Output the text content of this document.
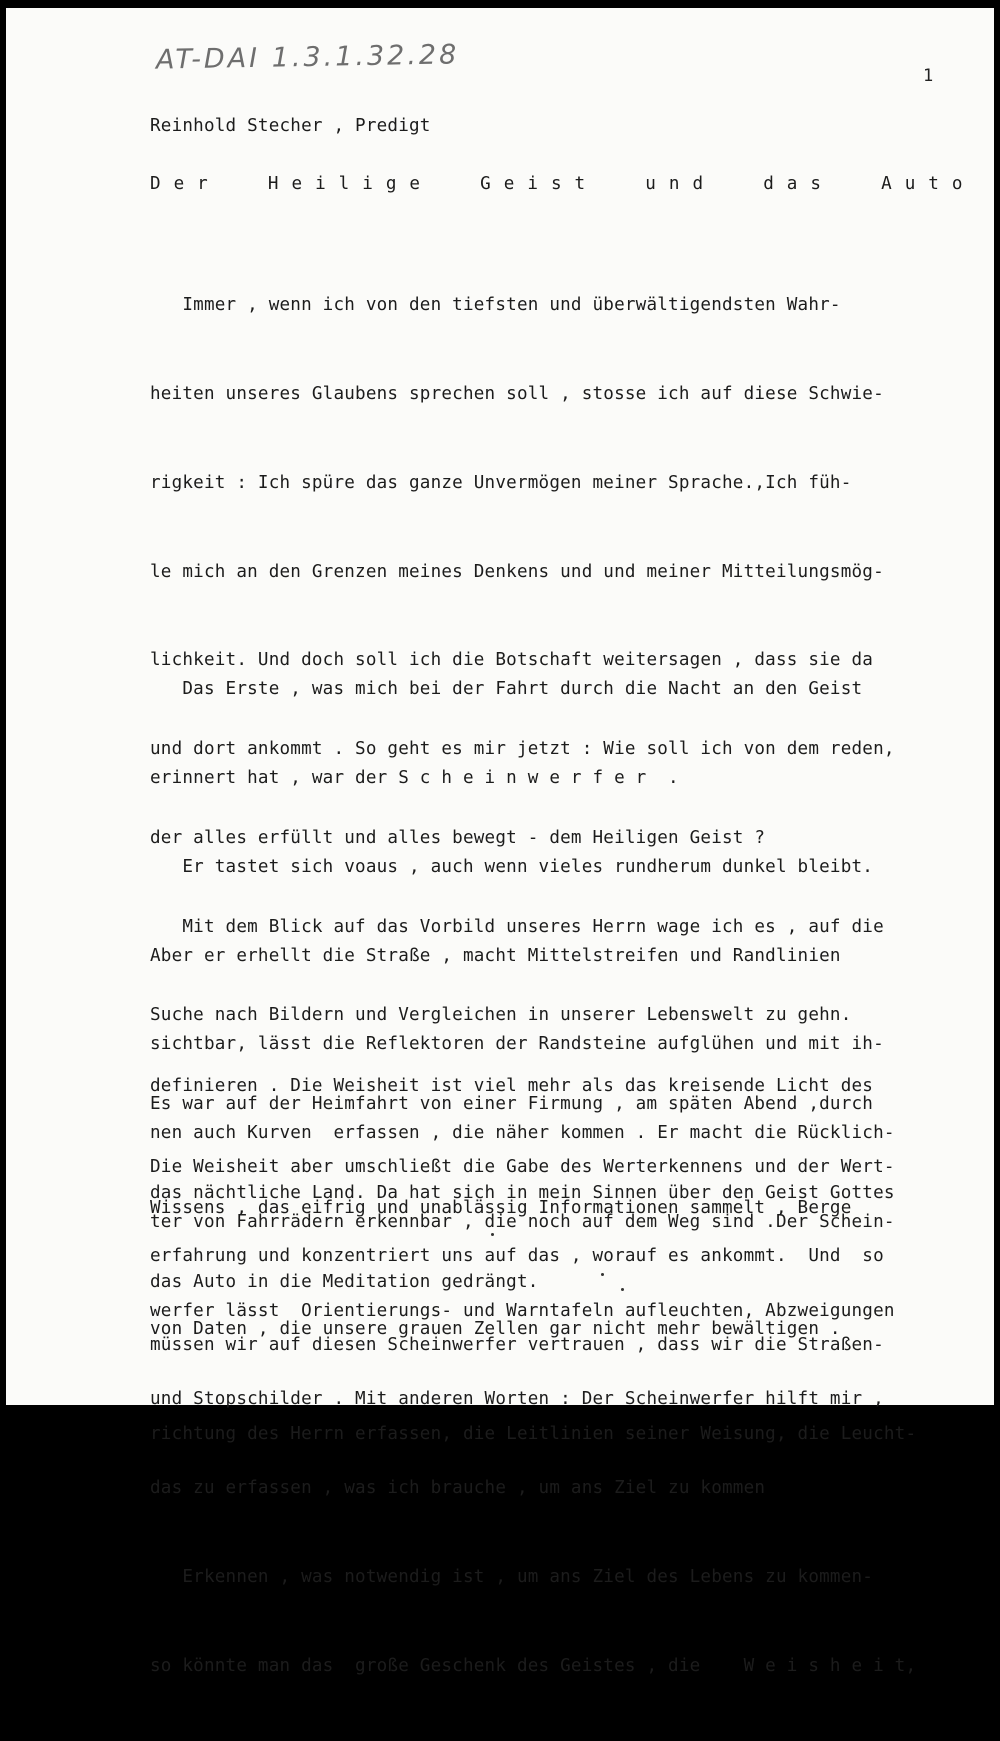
AT-DAI 1.3.1.32.28
1
Reinhold Stecher , Predigt
D e r     H e i l i g e     G e i s t     u n d     d a s     A u t o

Immer , wenn ich von den tiefsten und überwältigendsten Wahr-

heiten unseres Glaubens sprechen soll , stosse ich auf diese Schwie-

rigkeit : Ich spüre das ganze Unvermögen meiner Sprache.,Ich füh-

le mich an den Grenzen meines Denkens und und meiner Mitteilungsmög-

lichkeit. Und doch soll ich die Botschaft weitersagen , dass sie da

und dort ankommt . So geht es mir jetzt : Wie soll ich von dem reden,

der alles erfüllt und alles bewegt - dem Heiligen Geist ?

Mit dem Blick auf das Vorbild unseres Herrn wage ich es , auf die

Suche nach Bildern und Vergleichen in unserer Lebenswelt zu gehn.

Es war auf der Heimfahrt von einer Firmung , am späten Abend ,durch

das nächtliche Land. Da hat sich in mein Sinnen über den Geist Gottes

das Auto in die Meditation gedrängt.

Das Erste , was mich bei der Fahrt durch die Nacht an den Geist

erinnert hat , war der S c h e i n w e r f e r  .

Er tastet sich voaus , auch wenn vieles rundherum dunkel bleibt.

Aber er erhellt die Straße , macht Mittelstreifen und Randlinien

sichtbar, lässt die Reflektoren der Randsteine aufglühen und mit ih-

nen auch Kurven  erfassen , die näher kommen . Er macht die Rücklich-

ter von Fahrrädern erkennbar , die noch auf dem Weg sind .Der Schein-

werfer lässt  Orientierungs- und Warntafeln aufleuchten, Abzweigungen

und Stopschilder . Mit anderen Worten : Der Scheinwerfer hilft mir ,

das zu erfassen , was ich brauche , um ans Ziel zu kommen

Erkennen , was notwendig ist , um ans Ziel des Lebens zu kommen-

so könnte man das  große Geschenk des Geistes , die    W e i s h e i t,

definieren . Die Weisheit ist viel mehr als das kreisende Licht des

Wissens , das eifrig und unablässig Informationen sammelt , Berge

von Daten , die unsere grauen Zellen gar nicht mehr bewältigen .

Die Weisheit aber umschließt die Gabe des Werterkennens und der Wert-

erfahrung und konzentriert uns auf das , worauf es ankommt.  Und  so

müssen wir auf diesen Scheinwerfer vertrauen , dass wir die Straßen-

richtung des Herrn erfassen, die Leitlinien seiner Weisung, die Leucht-
